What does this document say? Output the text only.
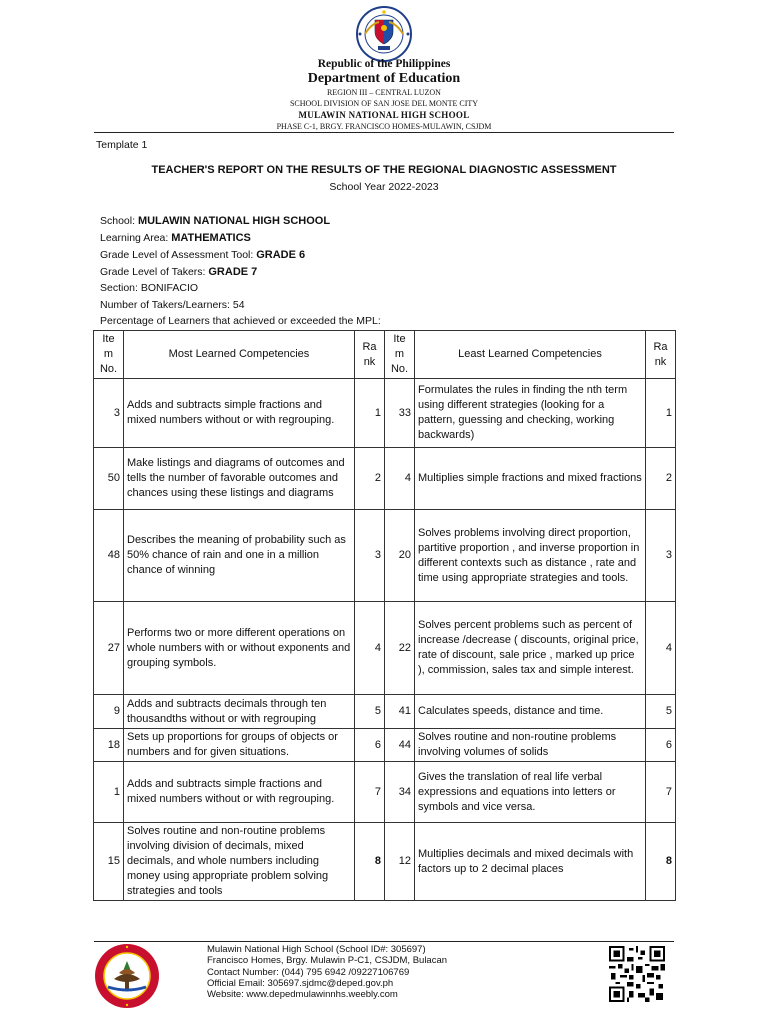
Republic of the Philippines
Department of Education
REGION III – CENTRAL LUZON
SCHOOL DIVISION OF SAN JOSE DEL MONTE CITY
MULAWIN NATIONAL HIGH SCHOOL
PHASE C-1, BRGY. FRANCISCO HOMES-MULAWIN, CSJDM
Template 1
TEACHER'S REPORT ON THE RESULTS OF THE REGIONAL DIAGNOSTIC ASSESSMENT
School Year 2022-2023
School: MULAWIN NATIONAL HIGH SCHOOL
Learning Area: MATHEMATICS
Grade Level of Assessment Tool: GRADE 6
Grade Level of Takers: GRADE 7
Section: BONIFACIO
Number of Takers/Learners: 54
Percentage of Learners that achieved or exceeded the MPL:
Ite m No.	Most Learned Competencies	Ra nk	Ite m No.	Least Learned Competencies	Ra nk
3	Adds and subtracts simple fractions and mixed numbers without or with regrouping.	1	33	Formulates the rules in finding the nth term using different strategies (looking for a pattern, guessing and checking, working backwards)	1
50	Make listings and diagrams of outcomes and tells the number of favorable outcomes and chances using these listings and diagrams	2	4	Multiplies simple fractions and mixed fractions	2
48	Describes the meaning of probability such as 50% chance of rain and one in a million chance of winning	3	20	Solves problems involving direct proportion, partitive proportion , and inverse proportion in different contexts such as distance , rate and time using appropriate strategies and tools.	3
27	Performs two or more different operations on whole numbers with or without exponents and grouping symbols.	4	22	Solves percent problems such as percent of increase /decrease ( discounts, original price, rate of discount, sale price , marked up price ), commission, sales tax and simple interest.	4
9	Adds and subtracts decimals through ten thousandths without or with regrouping	5	41	Calculates speeds, distance and time.	5
18	Sets up proportions for groups of objects or numbers and for given situations.	6	44	Solves routine and non-routine problems involving volumes of solids	6
1	Adds and subtracts simple fractions and mixed numbers without or with regrouping.	7	34	Gives the translation of real life verbal expressions and equations into letters or symbols and vice versa.	7
15	Solves routine and non-routine problems involving division of decimals, mixed decimals, and whole numbers including money using appropriate problem solving strategies and tools	8	12	Multiplies decimals and mixed decimals with factors up to 2 decimal places	8
Mulawin National High School (School ID#: 305697)
Francisco Homes, Brgy. Mulawin P-C1, CSJDM, Bulacan
Contact Number: (044) 795 6942 /09227106769
Official Email: 305697.sjdmc@deped.gov.ph
Website: www.depedmulawinnhs.weebly.com
